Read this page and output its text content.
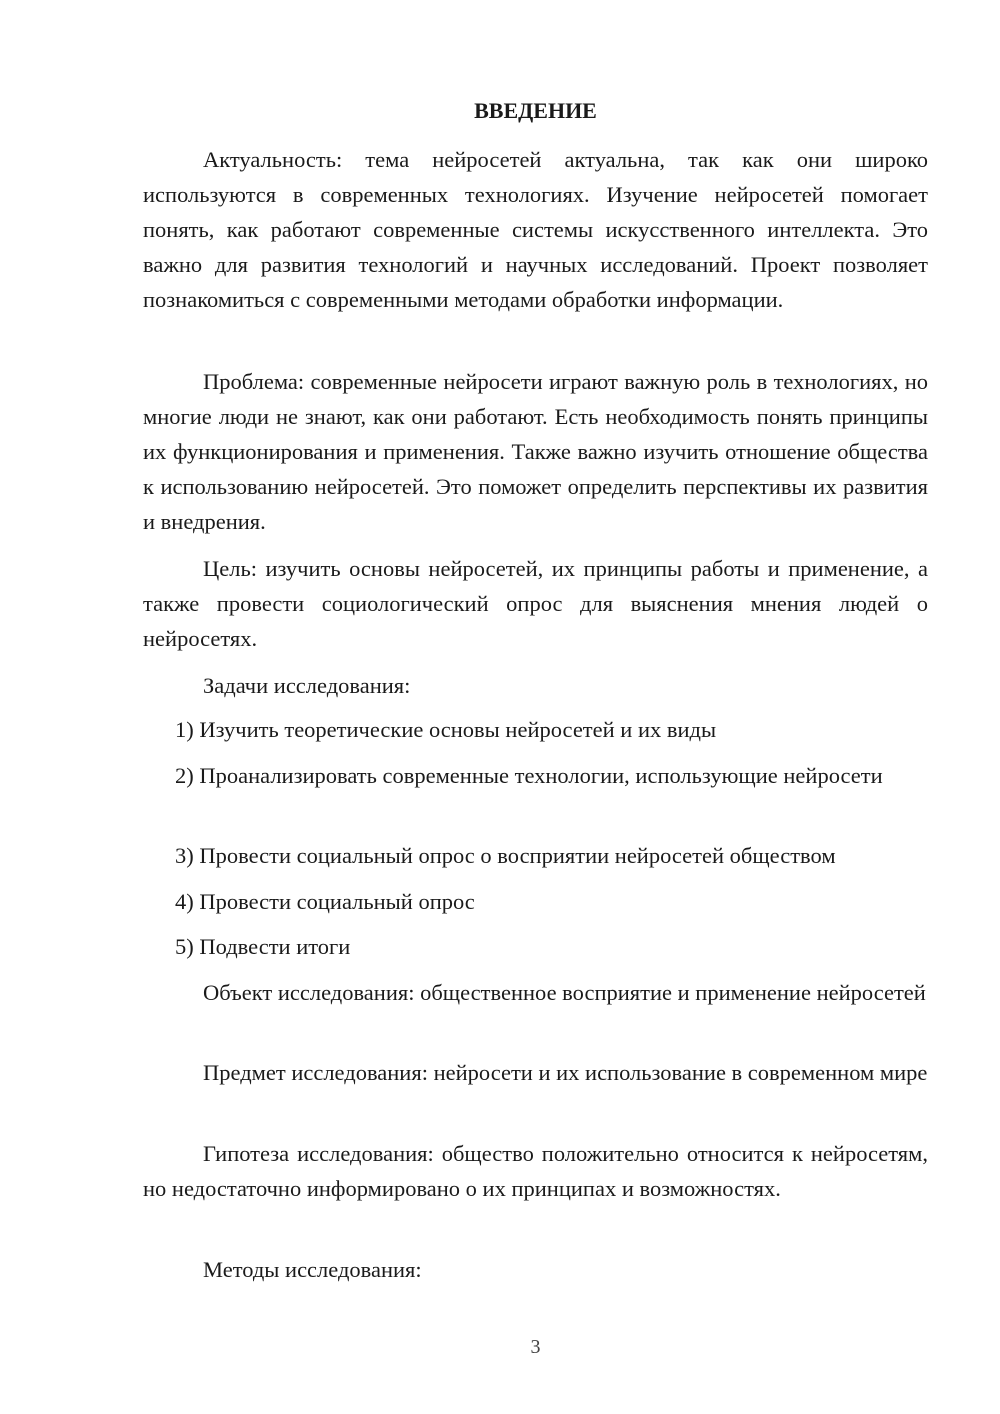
ВВЕДЕНИЕ

Актуальность: тема нейросетей актуальна, так как они широко используются в современных технологиях. Изучение нейросетей помогает понять, как работают современные системы искусственного интеллекта. Это важно для развития технологий и научных исследований. Проект позволяет познакомиться с современными методами обработки информации.

Проблема: современные нейросети играют важную роль в технологиях, но многие люди не знают, как они работают. Есть необходимость понять принципы их функционирования и применения. Также важно изучить отношение общества к использованию нейросетей. Это поможет определить перспективы их развития и внедрения.

Цель: изучить основы нейросетей, их принципы работы и применение, а также провести социологический опрос для выяснения мнения людей о нейросетях.

Задачи исследования:

1) Изучить теоретические основы нейросетей и их виды

2) Проанализировать современные технологии, использующие нейросети

3) Провести социальный опрос о восприятии нейросетей обществом

4) Провести социальный опрос

5) Подвести итоги

Объект исследования: общественное восприятие и применение нейросетей

Предмет исследования: нейросети и их использование в современном мире

Гипотеза исследования: общество положительно относится к нейросетям, но недостаточно информировано о их принципах и возможностях.

Методы исследования:

3
